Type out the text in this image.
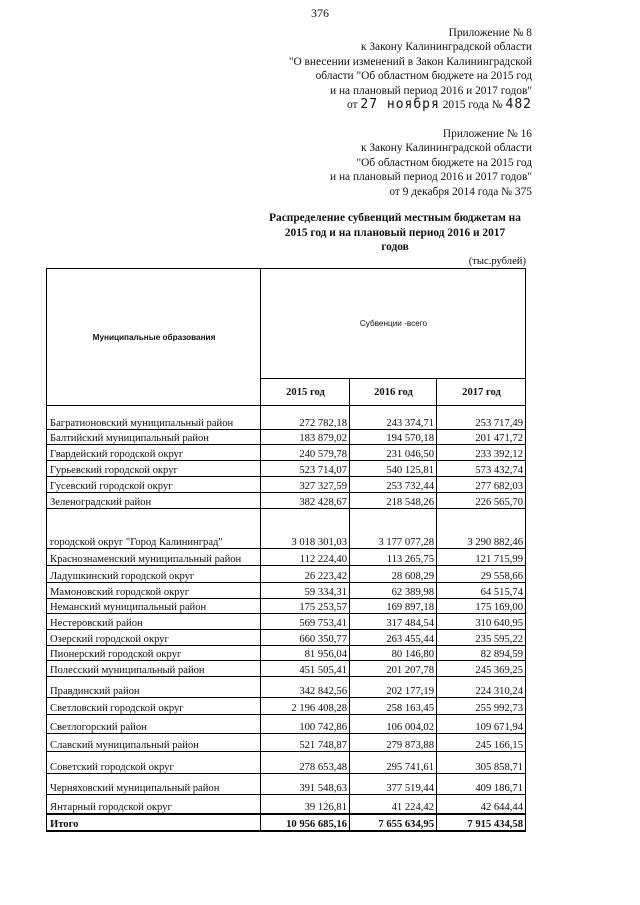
376
Приложение № 8
к Закону Калининградской области
"О внесении изменений в Закон Калининградской
области "Об областном бюджете на 2015 год
и на плановый период 2016 и 2017 годов"
от 27 ноября 2015 года № 482
Приложение № 16
к Закону Калининградской области
"Об областном бюджете на 2015 год
и на плановый период 2016 и 2017 годов"
от 9 декабря 2014 года № 375
Распределение субвенций местным бюджетам на
2015 год и на плановый период 2016 и 2017
годов
(тыс.рублей)
Муниципальные образования	Субвенции -всего		
	2015 год	2016 год	2017 год
Багратионовский муниципальный район	272 782,18	243 374,71	253 717,49
Балтийский муниципальный район	183 879,02	194 570,18	201 471,72
Гвардейский городской округ	240 579,78	231 046,50	233 392,12
Гурьевский городской округ	523 714,07	540 125,81	573 432,74
Гусевский городской округ	327 327,59	253 732,44	277 682,03
Зеленоградский район	382 428,67	218 548,26	226 565,70
городской округ "Город Калининград"	3 018 301,03	3 177 077,28	3 290 882,46
Краснознаменский муниципальный район	112 224,40	113 265,75	121 715,99
Ладушкинский городской округ	26 223,42	28 608,29	29 558,66
Мамоновский городской округ	59 334,31	62 389,98	64 515,74
Неманский муниципальный район	175 253,57	169 897,18	175 169,00
Нестеровский район	569 753,41	317 484,54	310 640,95
Озерский городской округ	660 350,77	263 455,44	235 595,22
Пионерский городской округ	81 956,04	80 146,80	82 894,59
Полесский муниципальный район	451 505,41	201 207,78	245 369,25
Правдинский район	342 842,56	202 177,19	224 310,24
Светловский городской округ	2 196 408,28	258 163,45	255 992,73
Светлогорский район	100 742,86	106 004,02	109 671,94
Славский муниципальный район	521 748,87	279 873,88	245 166,15
Советский городской округ	278 653,48	295 741,61	305 858,71
Черняховский муниципальный район	391 548,63	377 519,44	409 186,71
Янтарный городской округ	39 126,81	41 224,42	42 644,44
Итого	10 956 685,16	7 655 634,95	7 915 434,58
